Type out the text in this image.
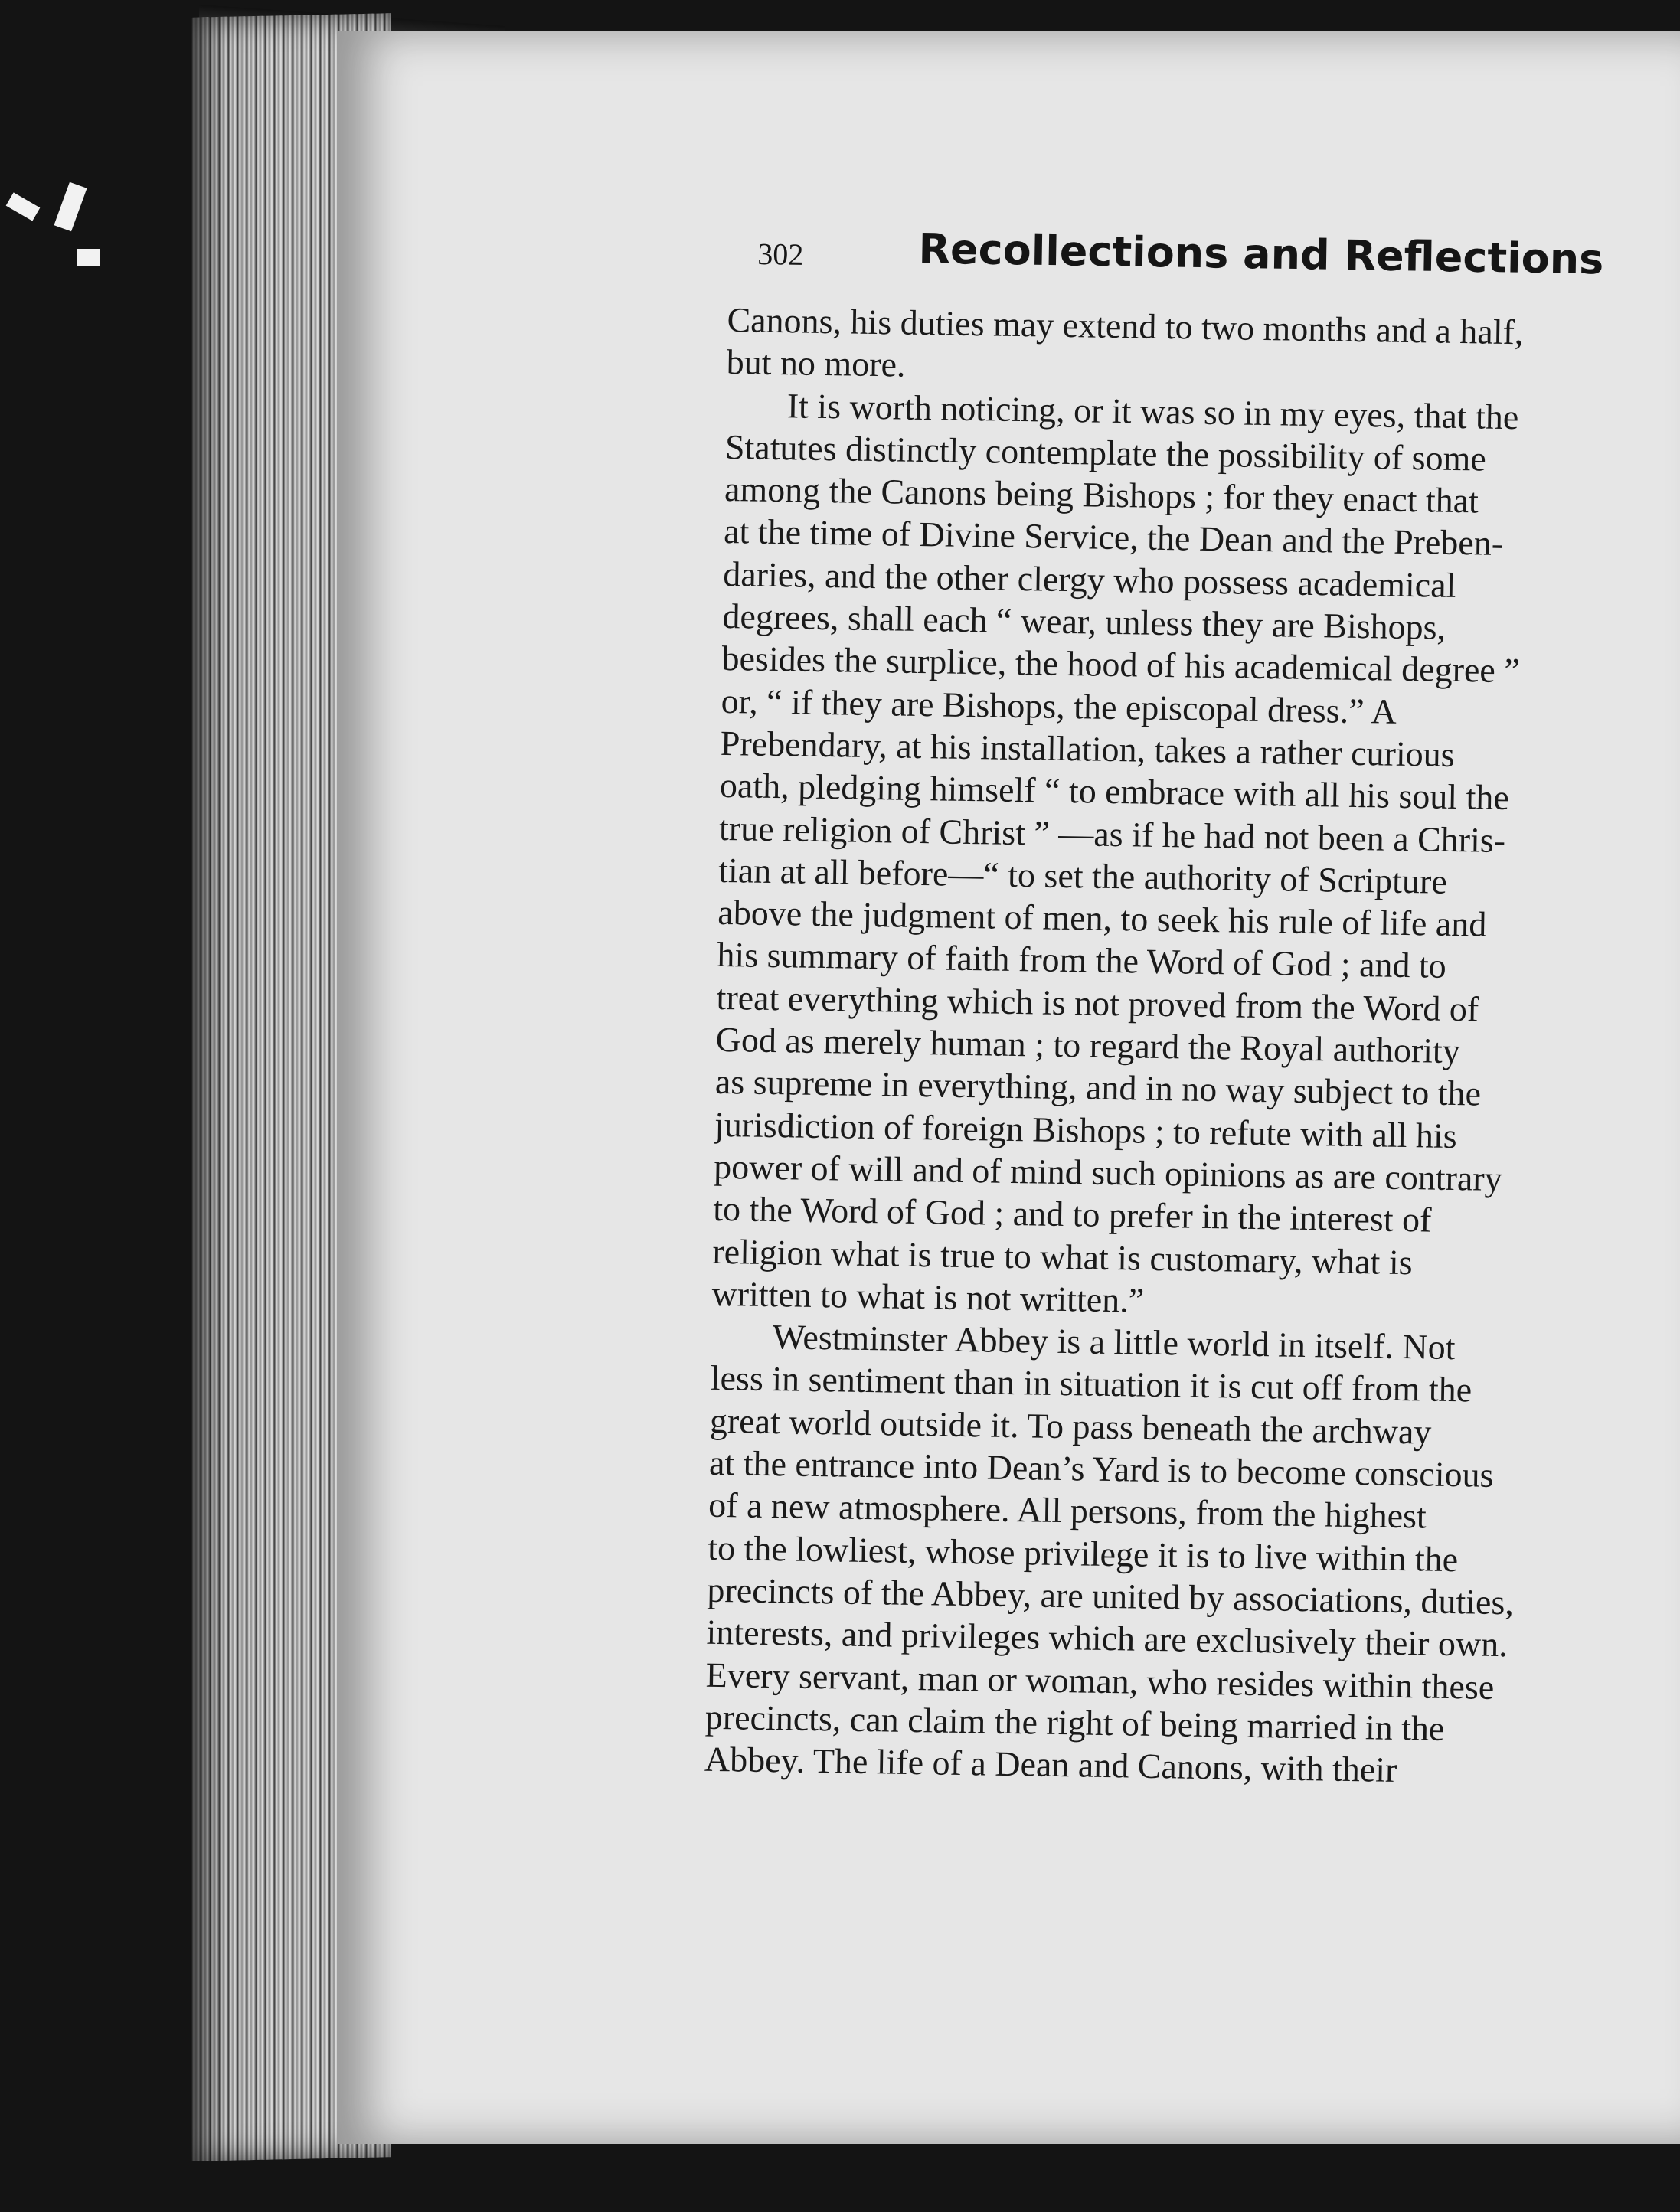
302	Recollections and Reflections
Canons, his duties may extend to two months and a half,
but no more.
It is worth noticing, or it was so in my eyes, that the
Statutes distinctly contemplate the possibility of some
among the Canons being Bishops ; for they enact that
at the time of Divine Service, the Dean and the Preben-
daries, and the other clergy who possess academical
degrees, shall each “ wear, unless they are Bishops,
besides the surplice, the hood of his academical degree ”
or, “ if they are Bishops, the episcopal dress.” A
Prebendary, at his installation, takes a rather curious
oath, pledging himself “ to embrace with all his soul the
true religion of Christ ” —as if he had not been a Chris-
tian at all before—“ to set the authority of Scripture
above the judgment of men, to seek his rule of life and
his summary of faith from the Word of God ; and to
treat everything which is not proved from the Word of
God as merely human ; to regard the Royal authority
as supreme in everything, and in no way subject to the
jurisdiction of foreign Bishops ; to refute with all his
power of will and of mind such opinions as are contrary
to the Word of God ; and to prefer in the interest of
religion what is true to what is customary, what is
written to what is not written.”
Westminster Abbey is a little world in itself. Not
less in sentiment than in situation it is cut off from the
great world outside it. To pass beneath the archway
at the entrance into Dean’s Yard is to become conscious
of a new atmosphere. All persons, from the highest
to the lowliest, whose privilege it is to live within the
precincts of the Abbey, are united by associations, duties,
interests, and privileges which are exclusively their own.
Every servant, man or woman, who resides within these
precincts, can claim the right of being married in the
Abbey. The life of a Dean and Canons, with their
